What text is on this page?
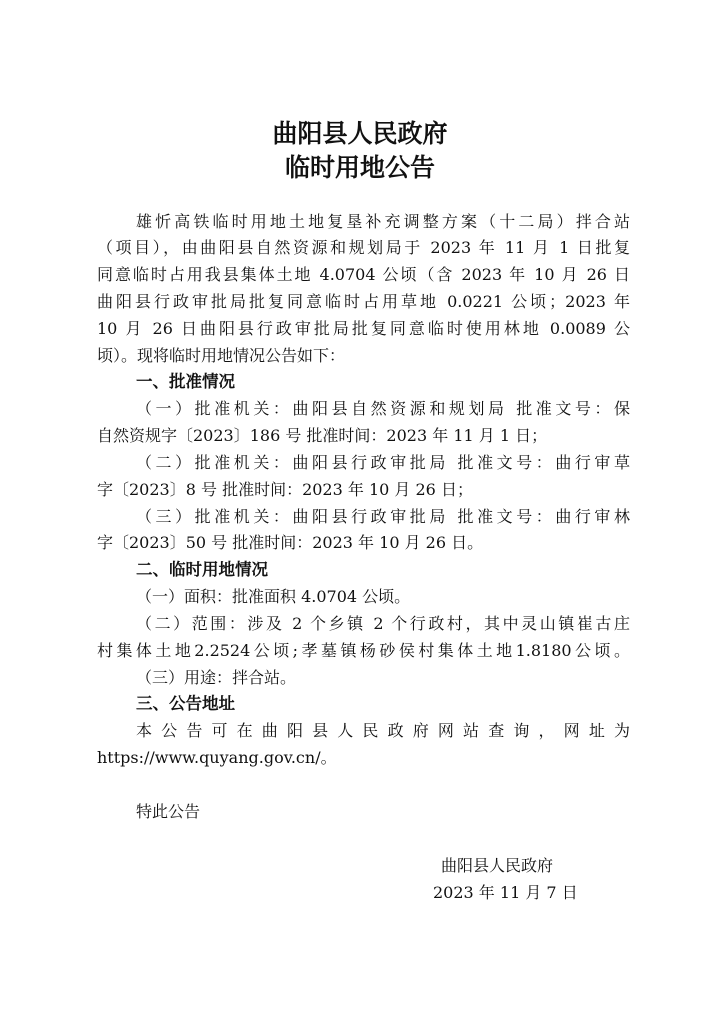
曲阳县人民政府
临时用地公告
雄忻高铁临时用地土地复垦补充调整方案（十二局）拌合站
（项目），由曲阳县自然资源和规划局于 2023 年 11 月 1 日批复
同意临时占用我县集体土地 4.0704 公顷（含 2023 年 10 月 26 日
曲阳县行政审批局批复同意临时占用草地 0.0221 公顷；2023 年
10 月 26 日曲阳县行政审批局批复同意临时使用林地 0.0089 公
顷）。现将临时用地情况公告如下：
一、批准情况
（一）批准机关：曲阳县自然资源和规划局 批准文号：保
自然资规字〔2023〕186 号 批准时间：2023 年 11 月 1 日；
（二）批准机关：曲阳县行政审批局 批准文号：曲行审草
字〔2023〕8 号 批准时间：2023 年 10 月 26 日；
（三）批准机关：曲阳县行政审批局 批准文号：曲行审林
字〔2023〕50 号 批准时间：2023 年 10 月 26 日。
二、临时用地情况
（一）面积：批准面积 4.0704 公顷。
（二）范围：涉及 2 个乡镇 2 个行政村，其中灵山镇崔古庄
村集体土地2.2524公顷;孝墓镇杨砂侯村集体土地1.8180公顷。
（三）用途：拌合站。
三、公告地址
本公告可在曲阳县人民政府网站查询，网址为
https://www.quyang.gov.cn/。
特此公告
曲阳县人民政府
2023 年 11 月 7 日
